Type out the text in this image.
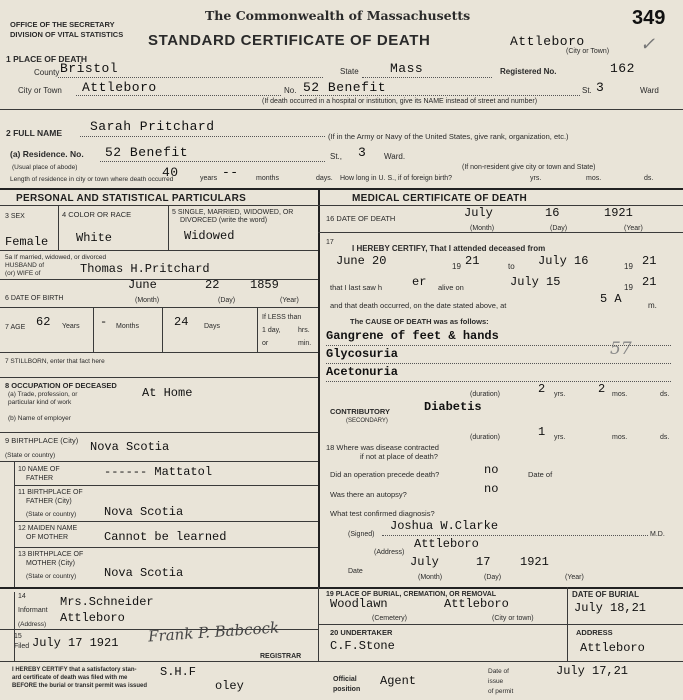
OFFICE OF THE SECRETARY
DIVISION OF VITAL STATISTICS
The Commonwealth of Massachusetts	349
STANDARD CERTIFICATE OF DEATH	Attleboro
(City or Town) ✓
1 PLACE OF DEATH
County Bristol	State Mass	Registered No.	162
City or Town Attleboro	No. 52 Benefit	St. 3	Ward
(If death occurred in a hospital or institution, give its NAME instead of street and number)
2 FULL NAME Sarah Pritchard
(If in the Army or Navy of the United States, give rank, organization, etc.)
(a) Residence. No.
(Usual place of abode)
52 Benefit	St., 3 Ward.
(If non-resident give city or town and State)
Length of residence in city or town where death occurred
40	years -- months	days. How long in U. S., if of foreign birth?	yrs.	mos.	ds.
PERSONAL AND STATISTICAL PARTICULARS
3 SEX
Female
4 COLOR OR RACE
White
5 SINGLE, MARRIED, WIDOWED, OR
DIVORCED (write the word)
Widowed
5a If married, widowed, or divorced
HUSBAND of
(or) WIFE of	Thomas H.Pritchard
6 DATE OF BIRTH
June	22	1859
(Month)	(Day)	(Year)
7 AGE 62 Years - Months	24 Days
If LESS than
1 day, hrs.
or	min.
7 STILLBORN, enter that fact here
8 OCCUPATION OF DECEASED
(a) Trade, profession, or
particular kind of work
(b) Name of employer
At Home
9 BIRTHPLACE (City)
(State or country)
Nova Scotia
10 NAME OF
FATHER	------ Mattatol
11 BIRTHPLACE OF
FATHER (City)
(State or country) Nova Scotia
12 MAIDEN NAME
OF MOTHER	Cannot be learned
13 BIRTHPLACE OF
MOTHER (City)
(State or country) Nova Scotia
14
Informant
Mrs.Schneider
(Address) Attleboro
15
Filed July 17 1921 Frank P. Babcock
REGISTRAR
I HEREBY CERTIFY that a satisfactory stan-
ard certificate of death was filed with me
BEFORE the burial or transit permit was issued
S.H.F
oley	Official
position
Agent
Date of
issue
of permit
July 17,21
MEDICAL CERTIFICATE OF DEATH
16 DATE OF DEATH	July	16	1921
(Month)	(Day)	(Year)
17
I HEREBY CERTIFY, That I attended deceased from
June 20	19 21	to July 16	19 21
that I last saw h er alive on	July 15	19 21
and that death occurred, on the date stated above, at	5 A	m.
The CAUSE OF DEATH was as follows:
Gangrene of feet & hands
Glycosuria
Acetonuria
57
(duration)	2 yrs.	2 mos.	ds.
CONTRIBUTORY
(SECONDARY)
Diabetis
(duration)	1 yrs.	mos.	ds.
18 Where was disease contracted
if not at place of death?
Did an operation precede death?	no	Date of
Was there an autopsy?	no
What test confirmed diagnosis?
(Signed)
Joshua W.Clarke
M.D.
(Address)
Attleboro
Date
July	17 1921
(Month)	(Day)	(Year)
19 PLACE OF BURIAL, CREMATION, OR REMOVAL
Woodlawn	Attleboro
(Cemetery)	(City or town)
DATE OF BURIAL
July 18,21
20 UNDERTAKER
C.F.Stone
ADDRESS
Attleboro
